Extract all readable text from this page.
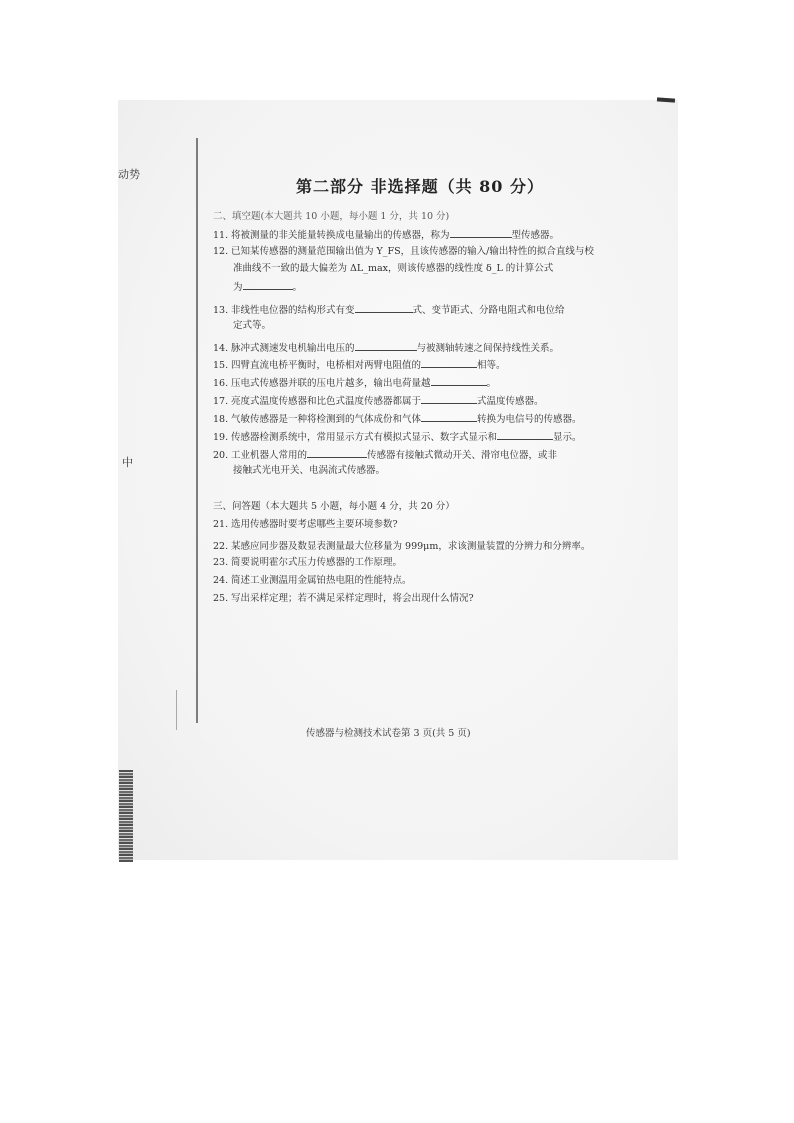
动势
中
第二部分 非选择题（共 80 分）
二、填空题(本大题共 10 小题，每小题 1 分，共 10 分)
11. 将被测量的非关能量转换成电量输出的传感器，称为	型传感器。
12. 已知某传感器的测量范围输出值为 Y_FS，且该传感器的输入/输出特性的拟合直线与校
准曲线不一致的最大偏差为 ΔL_max，则该传感器的线性度 δ_L 的计算公式
为	。
13. 非线性电位器的结构形式有变	式、变节距式、分路电阻式和电位给
定式等。
14. 脉冲式测速发电机输出电压的	与被测轴转速之间保持线性关系。
15. 四臂直流电桥平衡时，电桥相对两臂电阻值的	相等。
16. 压电式传感器并联的压电片越多，输出电荷量越	。
17. 亮度式温度传感器和比色式温度传感器都属于	式温度传感器。
18. 气敏传感器是一种将检测到的气体成份和气体	转换为电信号的传感器。
19. 传感器检测系统中，常用显示方式有模拟式显示、数字式显示和	显示。
20. 工业机器人常用的	传感器有接触式微动开关、滑帘电位器，或非
接触式光电开关、电涡流式传感器。
三、问答题（本大题共 5 小题，每小题 4 分，共 20 分）
21. 选用传感器时要考虑哪些主要环境参数?
22. 某感应同步器及数显表测量最大位移量为 999μm，求该测量装置的分辨力和分辨率。
23. 简要说明霍尔式压力传感器的工作原理。
24. 简述工业测温用金属铂热电阻的性能特点。
25. 写出采样定理；若不满足采样定理时，将会出现什么情况?
传感器与检测技术试卷第 3 页(共 5 页)
